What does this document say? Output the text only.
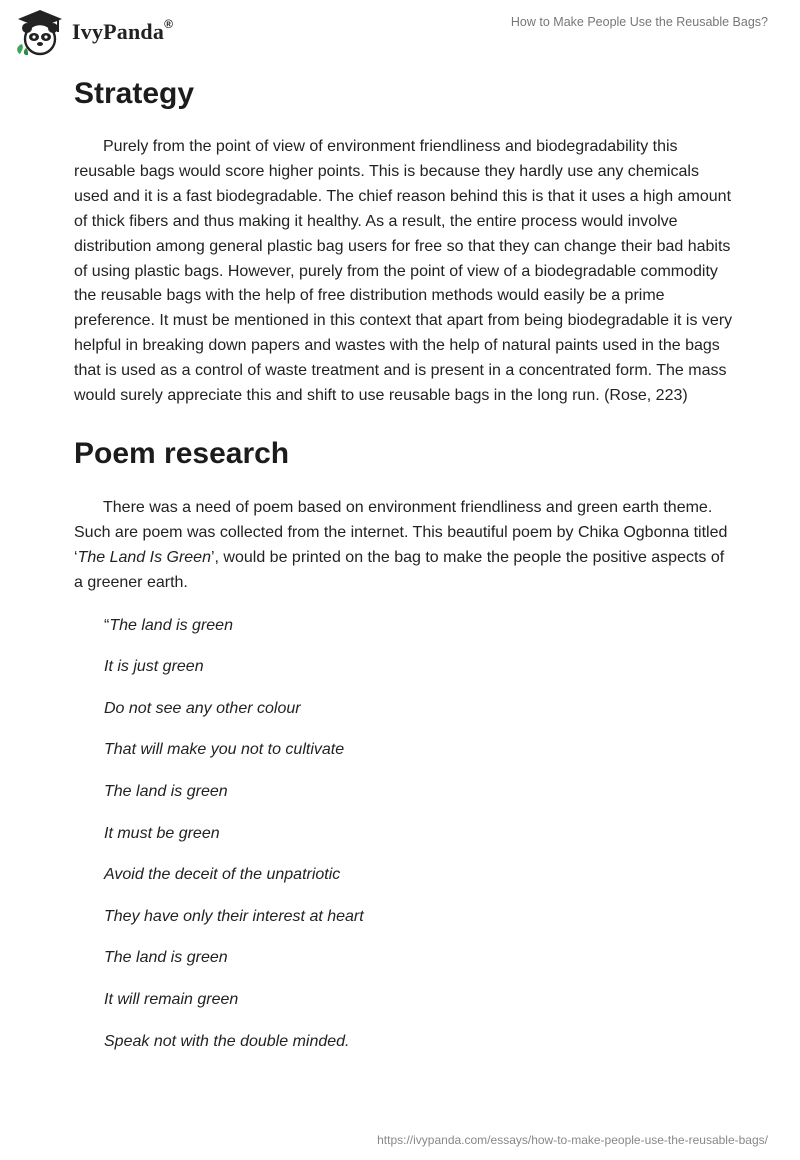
IvyPanda®	How to Make People Use the Reusable Bags?
Strategy

Purely from the point of view of environment friendliness and biodegradability this reusable bags would score higher points. This is because they hardly use any chemicals used and it is a fast biodegradable. The chief reason behind this is that it uses a high amount of thick fibers and thus making it healthy. As a result, the entire process would involve distribution among general plastic bag users for free so that they can change their bad habits of using plastic bags. However, purely from the point of view of a biodegradable commodity the reusable bags with the help of free distribution methods would easily be a prime preference. It must be mentioned in this context that apart from being biodegradable it is very helpful in breaking down papers and wastes with the help of natural paints used in the bags that is used as a control of waste treatment and is present in a concentrated form. The mass would surely appreciate this and shift to use reusable bags in the long run. (Rose, 223)

Poem research

There was a need of poem based on environment friendliness and green earth theme. Such are poem was collected from the internet. This beautiful poem by Chika Ogbonna titled ‘The Land Is Green’, would be printed on the bag to make the people the positive aspects of a greener earth.

“The land is green
It is just green
Do not see any other colour
That will make you not to cultivate
The land is green
It must be green
Avoid the deceit of the unpatriotic
They have only their interest at heart
The land is green
It will remain green
Speak not with the double minded.
https://ivypanda.com/essays/how-to-make-people-use-the-reusable-bags/
